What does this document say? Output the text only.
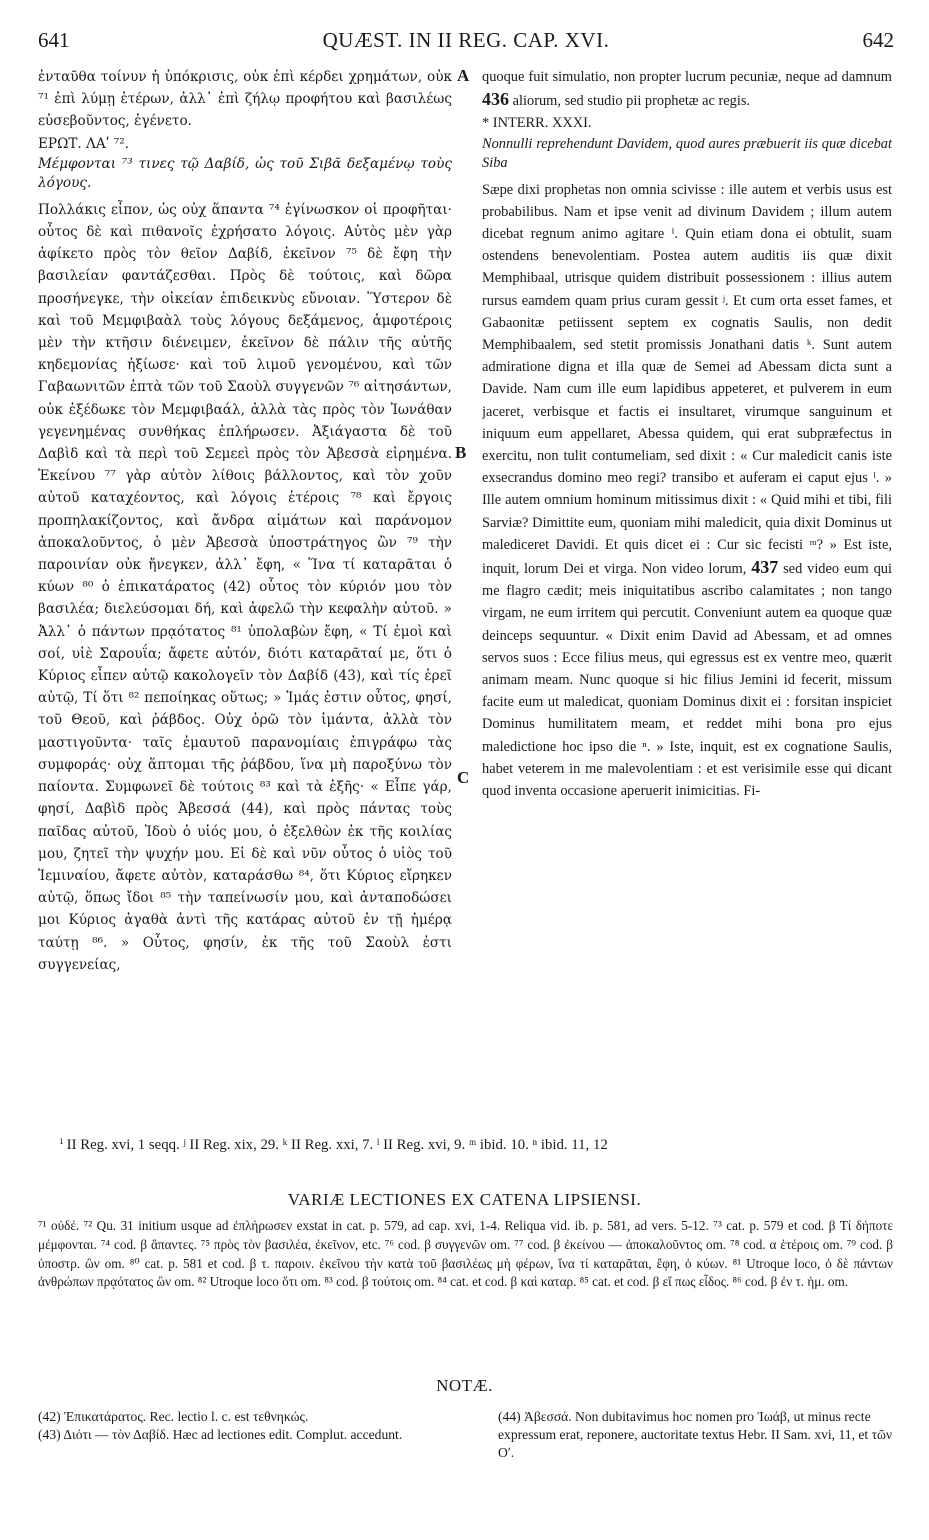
641	QUÆST. IN II REG. CAP. XVI.	642

ἐνταῦθα τοίνυν ἡ ὑπόκρισις, οὐκ ἐπὶ κέρδει χρημάτων, οὐκ ⁷¹ ἐπὶ λύμῃ ἑτέρων, ἀλλ᾽ ἐπὶ ζήλῳ προφήτου καὶ βασιλέως εὐσεβοῦντος, ἐγένετο.

ΕΡΩΤ. ΛΑʹ ⁷².

Μέμφονται ⁷³ τινες τῷ Δαβίδ, ὡς τοῦ Σιβᾶ δεξαμένῳ τοὺς λόγους.

Πολλάκις εἶπον, ὡς οὐχ ἅπαντα ⁷⁴ ἐγίνωσκον οἱ προφῆται· οὗτος δὲ καὶ πιθανοῖς ἐχρήσατο λόγοις. Αὐτὸς μὲν γὰρ ἀφίκετο πρὸς τὸν θεῖον Δαβίδ, ἐκεῖνον ⁷⁵ δὲ ἔφη τὴν βασιλείαν φαντάζεσθαι. Πρὸς δὲ τούτοις, καὶ δῶρα προσήνεγκε, τὴν οἰκείαν ἐπιδεικνὺς εὔνοιαν. Ὕστερον δὲ καὶ τοῦ Μεμφιβαὰλ τοὺς λόγους δεξάμενος, ἀμφοτέροις μὲν τὴν κτῆσιν διένειμεν, ἐκεῖνον δὲ πάλιν τῆς αὐτῆς κηδεμονίας ἠξίωσε· καὶ τοῦ λιμοῦ γενομένου, καὶ τῶν Γαβαωνιτῶν ἑπτὰ τῶν τοῦ Σαοὺλ συγγενῶν ⁷⁶ αἰτησάντων, οὐκ ἐξέδωκε τὸν Μεμφιβαάλ, ἀλλὰ τὰς πρὸς τὸν Ἰωνάθαν γεγενημένας συνθήκας ἐπλήρωσεν. Ἀξιάγαστα δὲ τοῦ Δαβὶδ καὶ τὰ περὶ τοῦ Σεμεεὶ πρὸς τὸν Ἀβεσσὰ εἰρημένα. Ἐκείνου ⁷⁷ γὰρ αὐτὸν λίθοις βάλλοντος, καὶ τὸν χοῦν αὐτοῦ καταχέοντος, καὶ λόγοις ἑτέροις ⁷⁸ καὶ ἔργοις προπηλακίζοντος, καὶ ἄνδρα αἱμάτων καὶ παράνομον ἀποκαλοῦντος, ὁ μὲν Ἀβεσσὰ ὑποστράτηγος ὢν ⁷⁹ τὴν παροινίαν οὐκ ἤνεγκεν, ἀλλ᾽ ἔφη, « Ἵνα τί καταρᾶται ὁ κύων ⁸⁰ ὁ ἐπικατάρατος (42) οὗτος τὸν κύριόν μου τὸν βασιλέα; διελεύσομαι δή, καὶ ἀφελῶ τὴν κεφαλὴν αὐτοῦ. » Ἀλλ᾽ ὁ πάντων πρᾳότατος ⁸¹ ὑπολαβὼν ἔφη, « Τί ἐμοὶ καὶ σοί, υἱὲ Σαρουΐα; ἄφετε αὐτόν, διότι καταρᾶταί με, ὅτι ὁ Κύριος εἶπεν αὐτῷ κακολογεῖν τὸν Δαβίδ (43), καὶ τίς ἐρεῖ αὐτῷ, Τί ὅτι ⁸² πεποίηκας οὕτως; » Ἱμάς ἐστιν οὗτος, φησί, τοῦ Θεοῦ, καὶ ῥάβδος. Οὐχ ὁρῶ τὸν ἱμάντα, ἀλλὰ τὸν μαστιγοῦντα· ταῖς ἐμαυτοῦ παρανομίαις ἐπιγράφω τὰς συμφοράς· οὐχ ἅπτομαι τῆς ῥάβδου, ἵνα μὴ παροξύνω τὸν παίοντα. Συμφωνεῖ δὲ τούτοις ⁸³ καὶ τὰ ἑξῆς· « Εἶπε γάρ, φησί, Δαβὶδ πρὸς Ἀβεσσά (44), καὶ πρὸς πάντας τοὺς παῖδας αὐτοῦ, Ἰδοὺ ὁ υἱός μου, ὁ ἐξελθὼν ἐκ τῆς κοιλίας μου, ζητεῖ τὴν ψυχήν μου. Εἰ δὲ καὶ νῦν οὗτος ὁ υἱὸς τοῦ Ἰεμιναίου, ἄφετε αὐτὸν, καταράσθω ⁸⁴, ὅτι Κύριος εἴρηκεν αὐτῷ, ὅπως ἴδοι ⁸⁵ τὴν ταπείνωσίν μου, καὶ ἀνταποδώσει μοι Κύριος ἀγαθὰ ἀντὶ τῆς κατάρας αὐτοῦ ἐν τῇ ἡμέρᾳ ταύτῃ ⁸⁶. » Οὗτος, φησίν, ἐκ τῆς τοῦ Σαοὺλ ἐστι συγγενείας,

A
B
C

quoque fuit simulatio, non propter lucrum pecuniæ, neque ad damnum 436 aliorum, sed studio pii prophetæ ac regis.

* INTERR. XXXI.

Nonnulli reprehendunt Davidem, quod aures præbuerit iis quæ dicebat Siba

Sæpe dixi prophetas non omnia scivisse : ille autem et verbis usus est probabilibus. Nam et ipse venit ad divinum Davidem ; illum autem dicebat regnum animo agitare ⁱ. Quin etiam dona ei obtulit, suam ostendens benevolentiam. Postea autem auditis iis quæ dixit Memphibaal, utrisque quidem distribuit possessionem : illius autem rursus eamdem quam prius curam gessit ʲ. Et cum orta esset fames, et Gabaonitæ petiissent septem ex cognatis Saulis, non dedit Memphibaalem, sed stetit promissis Jonathani datis ᵏ. Sunt autem admiratione digna et illa quæ de Semei ad Abessam dicta sunt a Davide. Nam cum ille eum lapidibus appeteret, et pulverem in eum jaceret, verbisque et factis ei insultaret, virumque sanguinum et iniquum eum appellaret, Abessa quidem, qui erat subpræfectus in exercitu, non tulit contumeliam, sed dixit : « Cur maledicit canis iste exsecrandus domino meo regi? transibo et auferam ei caput ejus ˡ. » Ille autem omnium hominum mitissimus dixit : « Quid mihi et tibi, fili Sarviæ? Dimittite eum, quoniam mihi maledicit, quia dixit Dominus ut malediceret Davidi. Et quis dicet ei : Cur sic fecisti ᵐ? » Est iste, inquit, lorum Dei et virga. Non video lorum, 437 sed video eum qui me flagro cædit; meis iniquitatibus ascribo calamitates ; non tango virgam, ne eum irritem qui percutit. Conveniunt autem ea quoque quæ deinceps sequuntur. « Dixit enim David ad Abessam, et ad omnes servos suos : Ecce filius meus, qui egressus est ex ventre meo, quærit animam meam. Nunc quoque si hic filius Jemini id fecerit, missum facite eum ut maledicat, quoniam Dominus dixit ei : forsitan inspiciet Dominus humilitatem meam, et reddet mihi bona pro ejus maledictione hoc ipso die ⁿ. » Iste, inquit, est ex cognatione Saulis, habet veterem in me malevolentiam : et est verisimile esse qui dicant quod inventa occasione aperuerit inimicitias. Fi-

ⁱ II Reg. xvi, 1 seqq. ʲ II Reg. xix, 29. ᵏ II Reg. xxi, 7. ˡ II Reg. xvi, 9. ᵐ ibid. 10. ⁿ ibid. 11, 12
VARIÆ LECTIONES EX CATENA LIPSIENSI.

⁷¹ οὐδέ. ⁷² Qu. 31 initium usque ad ἐπλήρωσεν exstat in cat. p. 579, ad cap. xvi, 1-4. Reliqua vid. ib. p. 581, ad vers. 5-12. ⁷³ cat. p. 579 et cod. β Τί δήποτε μέμφονται. ⁷⁴ cod. β ἅπαντες. ⁷⁵ πρὸς τὸν βασιλέα, ἐκεῖνον, etc. ⁷⁶ cod. β συγγενῶν om. ⁷⁷ cod. β ἐκείνου — ἀποκαλοῦντος om. ⁷⁸ cod. α ἑτέροις om. ⁷⁹ cod. β ὑποστρ. ὢν om. ⁸⁰ cat. p. 581 et cod. β τ. παροιν. ἐκεῖνου τὴν κατὰ τοῦ βασιλέως μὴ φέρων, ἵνα τί καταρᾶται, ἔφη, ὁ κύων. ⁸¹ Utroque loco, ὁ δὲ πάντων ἀνθρώπων πρᾳότατος ὢν om. ⁸² Utroque loco ὅτι om. ⁸³ cod. β τούτοις om. ⁸⁴ cat. et cod. β καὶ καταρ. ⁸⁵ cat. et cod. β εἴ πως εἶδος. ⁸⁶ cod. β ἐν τ. ἡμ. om.

NOTÆ.

(42) Ἐπικατάρατος. Rec. lectio l. c. est τεθνηκώς.

(43) Διότι — τὸν Δαβίδ. Hæc ad lectiones edit. Complut. accedunt.

(44) Ἀβεσσά. Non dubitavimus hoc nomen pro Ἰωάβ, ut minus recte expressum erat, reponere, auctoritate textus Hebr. II Sam. xvi, 11, et τῶν Οʹ.
